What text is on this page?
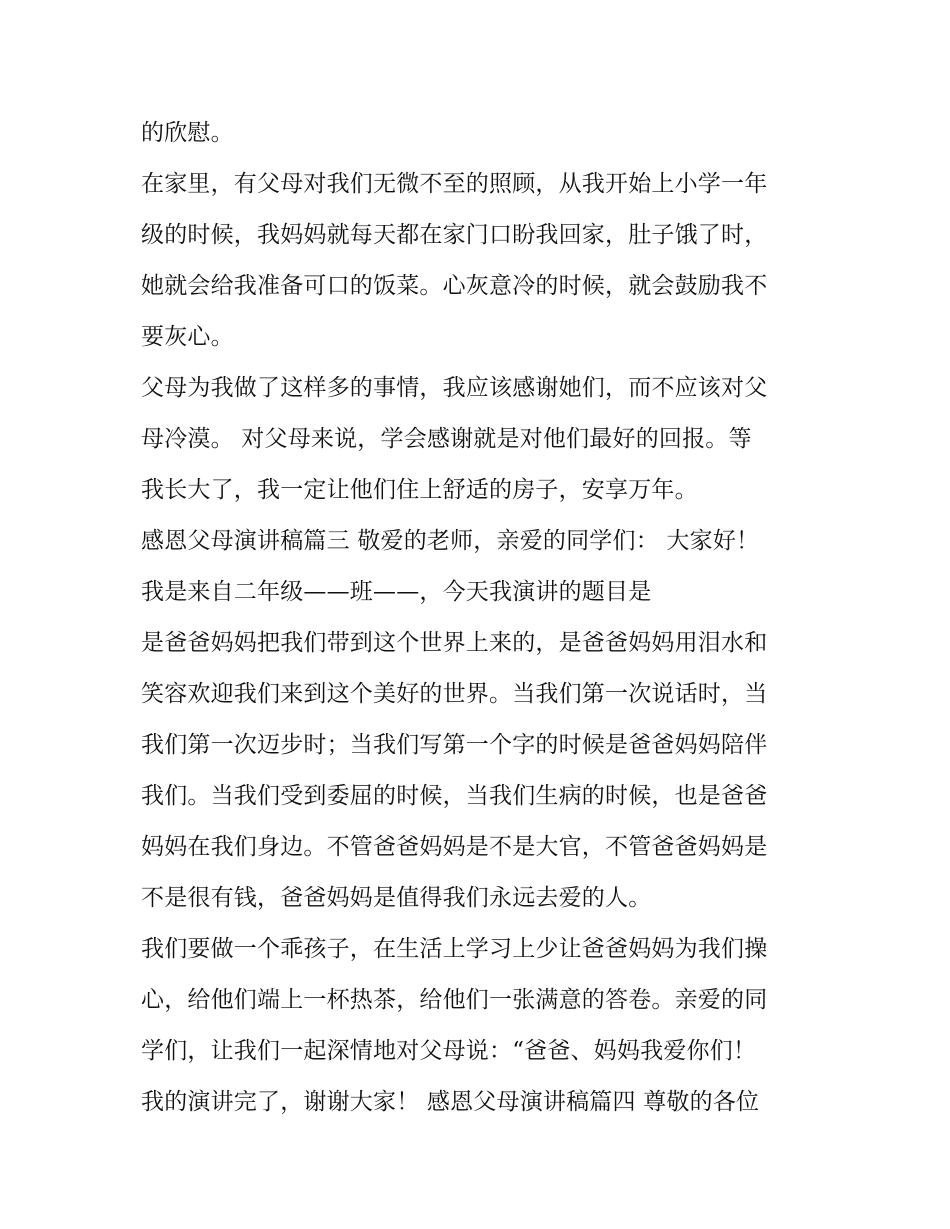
的欣慰。
在家里，有父母对我们无微不至的照顾，从我开始上小学一年
级的时候，我妈妈就每天都在家门口盼我回家，肚子饿了时，
她就会给我准备可口的饭菜。心灰意冷的时候，就会鼓励我不
要灰心。
父母为我做了这样多的事情，我应该感谢她们，而不应该对父
母冷漠。 对父母来说，学会感谢就是对他们最好的回报。等
我长大了，我一定让他们住上舒适的房子，安享万年。
感恩父母演讲稿篇三 敬爱的老师，亲爱的同学们： 大家好！
我是来自二年级——班——，今天我演讲的题目是
是爸爸妈妈把我们带到这个世界上来的，是爸爸妈妈用泪水和
笑容欢迎我们来到这个美好的世界。当我们第一次说话时，当
我们第一次迈步时；当我们写第一个字的时候是爸爸妈妈陪伴
我们。当我们受到委屈的时候，当我们生病的时候，也是爸爸
妈妈在我们身边。不管爸爸妈妈是不是大官，不管爸爸妈妈是
不是很有钱，爸爸妈妈是值得我们永远去爱的人。
我们要做一个乖孩子，在生活上学习上少让爸爸妈妈为我们操
心，给他们端上一杯热茶，给他们一张满意的答卷。亲爱的同
学们，让我们一起深情地对父母说：“爸爸、妈妈我爱你们！
我的演讲完了，谢谢大家！ 感恩父母演讲稿篇四 尊敬的各位
